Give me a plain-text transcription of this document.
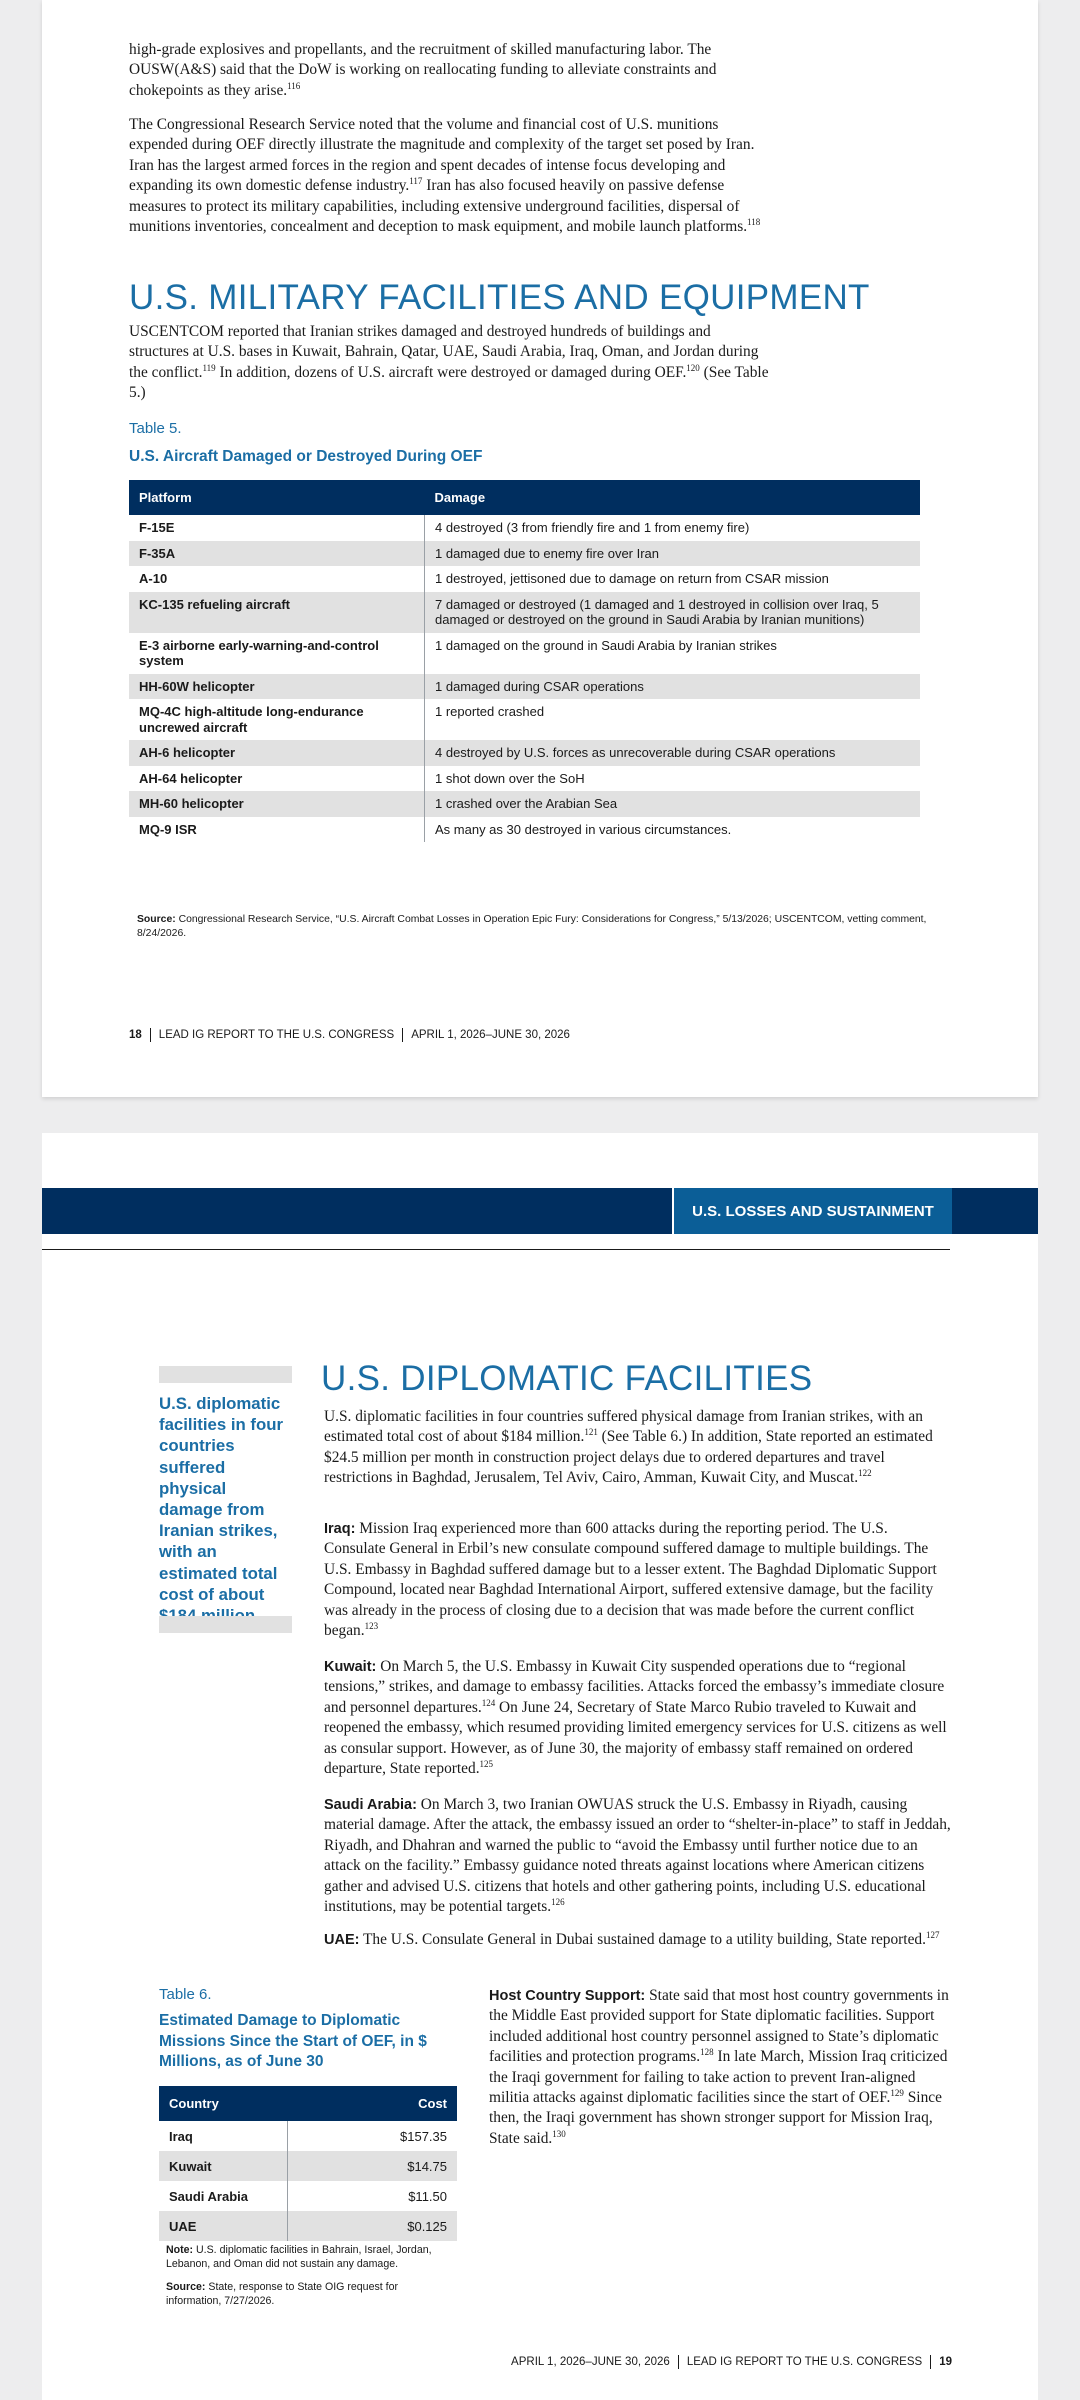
high-grade explosives and propellants, and the recruitment of skilled manufacturing labor. The OUSW(A&S) said that the DoW is working on reallocating funding to alleviate constraints and chokepoints as they arise.$^{116}$

The Congressional Research Service noted that the volume and financial cost of U.S. munitions expended during OEF directly illustrate the magnitude and complexity of the target set posed by Iran. Iran has the largest armed forces in the region and spent decades of intense focus developing and expanding its own domestic defense industry.$^{117}$ Iran has also focused heavily on passive defense measures to protect its military capabilities, including extensive underground facilities, dispersal of munitions inventories, concealment and deception to mask equipment, and mobile launch platforms.$^{118}$

U.S. MILITARY FACILITIES AND EQUIPMENT

USCENTCOM reported that Iranian strikes damaged and destroyed hundreds of buildings and structures at U.S. bases in Kuwait, Bahrain, Qatar, UAE, Saudi Arabia, Iraq, Oman, and Jordan during the conflict.$^{119}$ In addition, dozens of U.S. aircraft were destroyed or damaged during OEF.$^{120}$ (See Table 5.)

Table 5.
U.S. Aircraft Damaged or Destroyed During OEF
Platform	Damage
F-15E	4 destroyed (3 from friendly fire and 1 from enemy fire)
F-35A	1 damaged due to enemy fire over Iran
A-10	1 destroyed, jettisoned due to damage on return from CSAR mission
KC-135 refueling aircraft	7 damaged or destroyed (1 damaged and 1 destroyed in collision over Iraq, 5 damaged or destroyed on the ground in Saudi Arabia by Iranian munitions)
E-3 airborne early-warning-and-control system	1 damaged on the ground in Saudi Arabia by Iranian strikes
HH-60W helicopter	1 damaged during CSAR operations
MQ-4C high-altitude long-endurance uncrewed aircraft	1 reported crashed
AH-6 helicopter	4 destroyed by U.S. forces as unrecoverable during CSAR operations
AH-64 helicopter	1 shot down over the SoH
MH-60 helicopter	1 crashed over the Arabian Sea
MQ-9 ISR	As many as 30 destroyed in various circumstances.
Source: Congressional Research Service, “U.S. Aircraft Combat Losses in Operation Epic Fury: Considerations for Congress,” 5/13/2026; USCENTCOM, vetting comment, 8/24/2026.
18 LEAD IG REPORT TO THE U.S. CONGRESS APRIL 1, 2026–JUNE 30, 2026
U.S. LOSSES AND SUSTAINMENT
U.S. diplomatic facilities in four countries suffered physical damage from Iranian strikes, with an estimated total cost of about
U.S. DIPLOMATIC FACILITIES

U.S. diplomatic facilities in four countries suffered physical damage from Iranian strikes, with an estimated total cost of about $184 million.$^{121}$ (See Table 6.) In addition, State reported an estimated $24.5 million per month in construction project delays due to ordered departures and travel restrictions in Baghdad, Jerusalem, Tel Aviv, Cairo, Amman, Kuwait City, and Muscat.$^{122}$

Iraq: Mission Iraq experienced more than 600 attacks during the reporting period. The U.S. Consulate General in Erbil’s new consulate compound suffered damage to multiple buildings. The U.S. Embassy in Baghdad suffered damage but to a lesser extent. The Baghdad Diplomatic Support Compound, located near Baghdad International Airport, suffered extensive damage, but the facility was already in the process of closing due to a decision that was made before the current conflict began.$^{123}$

Kuwait: On March 5, the U.S. Embassy in Kuwait City suspended operations due to “regional tensions,” strikes, and damage to embassy facilities. Attacks forced the embassy’s immediate closure and personnel departures.$^{124}$ On June 24, Secretary of State Marco Rubio traveled to Kuwait and reopened the embassy, which resumed providing limited emergency services for U.S. citizens as well as consular support. However, as of June 30, the majority of embassy staff remained on ordered departure, State reported.$^{125}$

Saudi Arabia: On March 3, two Iranian OWUAS struck the U.S. Embassy in Riyadh, causing material damage. After the attack, the embassy issued an order to “shelter-in-place” to staff in Jeddah, Riyadh, and Dhahran and warned the public to “avoid the Embassy until further notice due to an attack on the facility.” Embassy guidance noted threats against locations where American citizens gather and advised U.S. citizens that hotels and other gathering points, including U.S. educational institutions, may be potential targets.$^{126}$

UAE: The U.S. Consulate General in Dubai sustained damage to a utility building, State reported.$^{127}$

Table 6.
Estimated Damage to Diplomatic Missions Since the Start of OEF, in $ Millions, as of June 30
Country	Cost
Iraq	$157.35
Kuwait	$14.75
Saudi Arabia	$11.50
UAE	$0.125
Note: U.S. diplomatic facilities in Bahrain, Israel, Jordan, Lebanon, and Oman did not sustain any damage.
Source: State, response to State OIG request for information, 7/27/2026.

Host Country Support: State said that most host country governments in the Middle East provided support for State diplomatic facilities. Support included additional host country personnel assigned to State’s diplomatic facilities and protection programs.$^{128}$ In late March, Mission Iraq criticized the Iraqi government for failing to take action to prevent Iran-aligned militia attacks against diplomatic facilities since the start of OEF.$^{129}$ Since then, the Iraqi government has shown stronger support for Mission Iraq, State said.$^{130}$

APRIL 1, 2026–JUNE 30, 2026 LEAD IG REPORT TO THE U.S. CONGRESS 19
